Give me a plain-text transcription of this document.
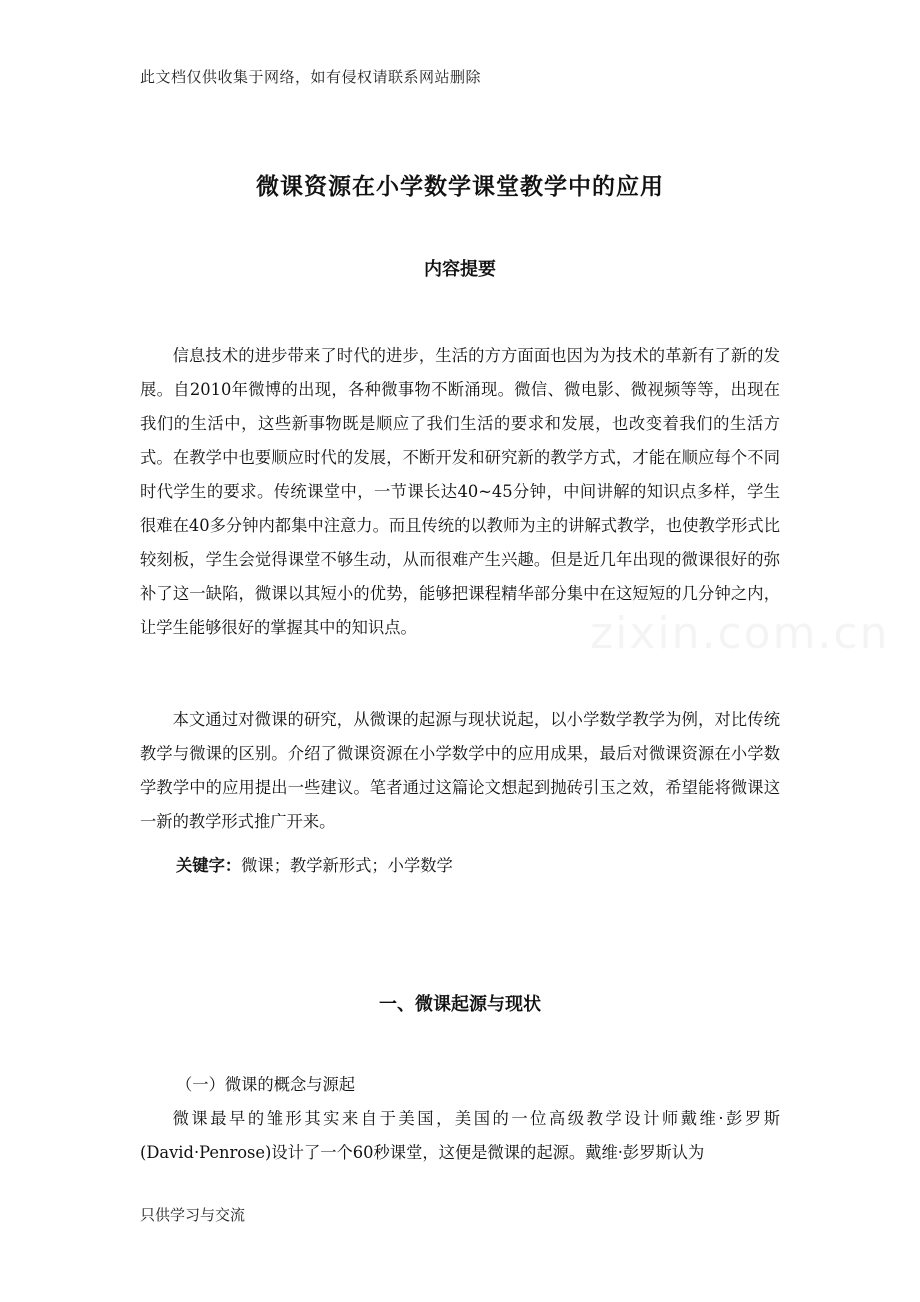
此文档仅供收集于网络，如有侵权请联系网站删除
微课资源在小学数学课堂教学中的应用
内容提要

信息技术的进步带来了时代的进步，生活的方方面面也因为为技术的革新有了新的发展。自2010年微博的出现，各种微事物不断涌现。微信、微电影、微视频等等，出现在我们的生活中，这些新事物既是顺应了我们生活的要求和发展，也改变着我们的生活方式。在教学中也要顺应时代的发展，不断开发和研究新的教学方式，才能在顺应每个不同时代学生的要求。传统课堂中，一节课长达40~45分钟，中间讲解的知识点多样，学生很难在40多分钟内都集中注意力。而且传统的以教师为主的讲解式教学，也使教学形式比较刻板，学生会觉得课堂不够生动，从而很难产生兴趣。但是近几年出现的微课很好的弥补了这一缺陷，微课以其短小的优势，能够把课程精华部分集中在这短短的几分钟之内，让学生能够很好的掌握其中的知识点。

本文通过对微课的研究，从微课的起源与现状说起，以小学数学教学为例，对比传统教学与微课的区别。介绍了微课资源在小学数学中的应用成果，最后对微课资源在小学数学教学中的应用提出一些建议。笔者通过这篇论文想起到抛砖引玉之效，希望能将微课这一新的教学形式推广开来。

关键字：微课；教学新形式；小学数学
一、微课起源与现状
（一）微课的概念与源起

微课最早的雏形其实来自于美国，美国的一位高级教学设计师戴维·彭罗斯(David·Penrose)设计了一个60秒课堂，这便是微课的起源。戴维·彭罗斯认为

只供学习与交流
